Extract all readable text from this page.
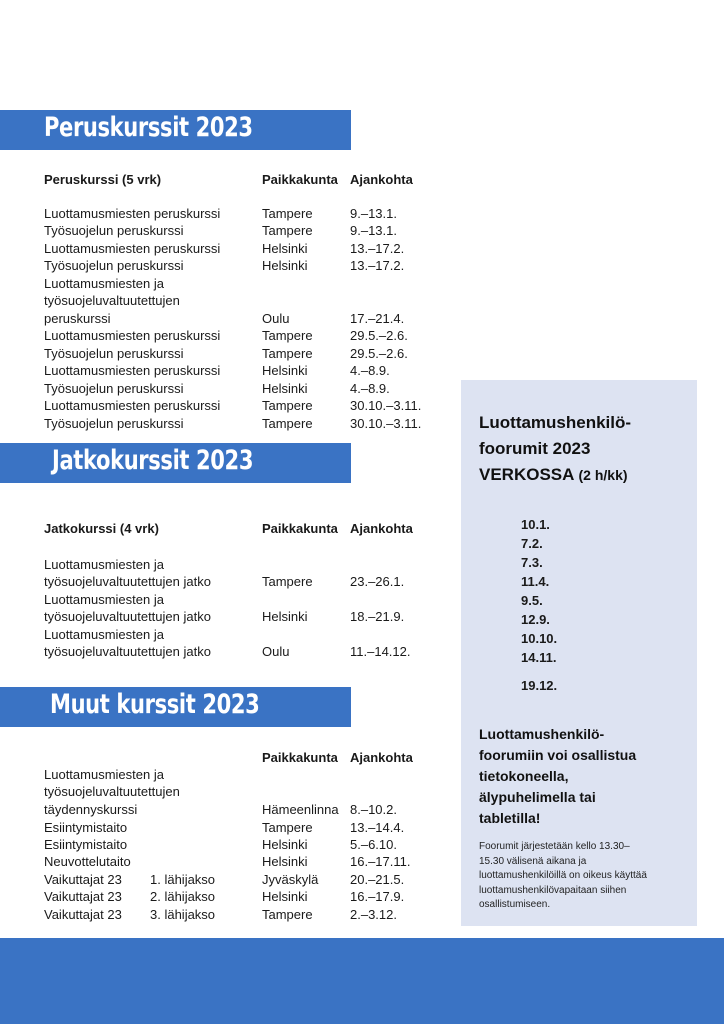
Peruskurssit 2023
Peruskurssi (5 vrk)	Paikkakunta Ajankohta
Luottamusmiesten peruskurssi	Tampere	9.–13.1.
Työsuojelun peruskurssi	Tampere	9.–13.1.
Luottamusmiesten peruskurssi	Helsinki	13.–17.2.
Työsuojelun peruskurssi	Helsinki	13.–17.2.
Luottamusmiesten ja
työsuojeluvaltuutettujen
peruskurssi	Oulu	17.–21.4.
Luottamusmiesten peruskurssi	Tampere	29.5.–2.6.
Työsuojelun peruskurssi	Tampere	29.5.–2.6.
Luottamusmiesten peruskurssi	Helsinki	4.–8.9.
Työsuojelun peruskurssi	Helsinki	4.–8.9.
Luottamusmiesten peruskurssi	Tampere	30.10.–3.11.
Työsuojelun peruskurssi	Tampere	30.10.–3.11.
Jatkokurssit 2023
Jatkokurssi (4 vrk)	Paikkakunta Ajankohta
Luottamusmiesten ja
työsuojeluvaltuutettujen jatko	Tampere	23.–26.1.
Luottamusmiesten ja
työsuojeluvaltuutettujen jatko	Helsinki	18.–21.9.
Luottamusmiesten ja
työsuojeluvaltuutettujen jatko	Oulu	11.–14.12.
Muut kurssit 2023
Paikkakunta Ajankohta
Luottamusmiesten ja
työsuojeluvaltuutettujen
täydennyskurssi	Hämeenlinna 8.–10.2.
Esiintymistaito	Tampere	13.–14.4.
Esiintymistaito	Helsinki	5.–6.10.
Neuvottelutaito	Helsinki	16.–17.11.
Vaikuttajat 23 1. lähijakso	Jyväskylä 20.–21.5.
Vaikuttajat 23 2. lähijakso	Helsinki	16.–17.9.
Vaikuttajat 23 3. lähijakso	Tampere	2.–3.12.
Luottamushenkilö-
foorumit 2023
VERKOSSA (2 h/kk)
10.1.
7.2.
7.3.
11.4.
9.5.
12.9.
10.10.
14.11.
19.12.
Luottamushenkilö-
foorumiin voi osallistua
tietokoneella,
älypuhelimella tai
tabletilla!
Foorumit järjestetään kello 13.30–
15.30 välisenä aikana ja
luottamushenkilöillä on oikeus käyttää
luottamushenkilövapaitaan siihen
osallistumiseen.
